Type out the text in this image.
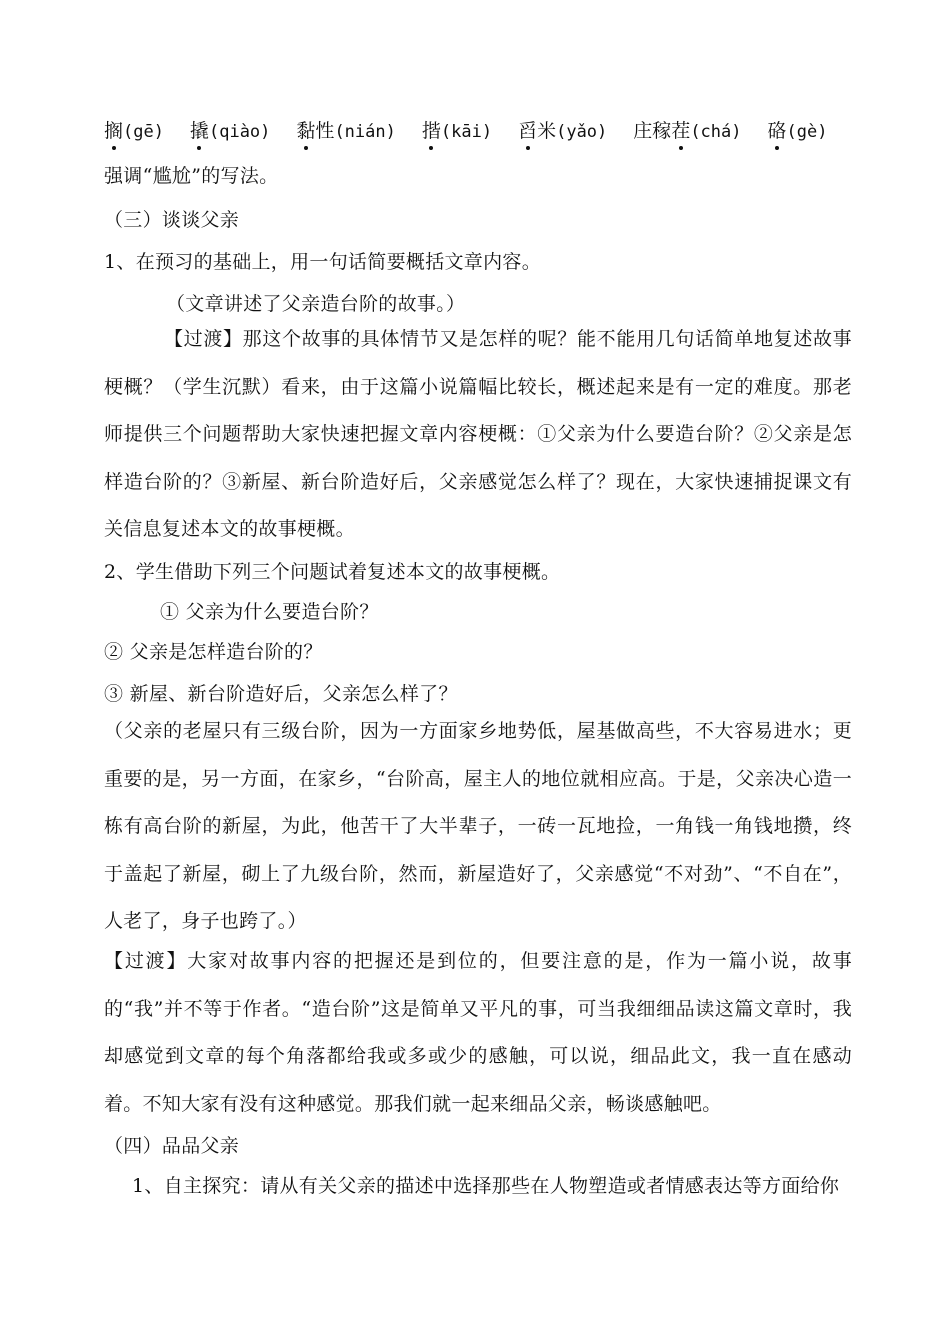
搁(gē) 撬(qiào) 黏性(nián) 揩(kāi) 舀米(yǎo) 庄稼茬(chá) 硌(gè)
强调“尴尬”的写法。
（三）谈谈父亲
1、在预习的基础上，用一句话简要概括文章内容。
（文章讲述了父亲造台阶的故事。）
【过渡】那这个故事的具体情节又是怎样的呢？能不能用几句话简单地复述故事梗概？（学生沉默）看来，由于这篇小说篇幅比较长，概述起来是有一定的难度。那老师提供三个问题帮助大家快速把握文章内容梗概：①父亲为什么要造台阶？②父亲是怎样造台阶的？③新屋、新台阶造好后，父亲感觉怎么样了？现在，大家快速捕捉课文有关信息复述本文的故事梗概。
2、学生借助下列三个问题试着复述本文的故事梗概。
① 父亲为什么要造台阶？
② 父亲是怎样造台阶的？
③ 新屋、新台阶造好后，父亲怎么样了？
（父亲的老屋只有三级台阶，因为一方面家乡地势低，屋基做高些，不大容易进水；更重要的是，另一方面，在家乡，“台阶高，屋主人的地位就相应高。于是，父亲决心造一栋有高台阶的新屋，为此，他苦干了大半辈子，一砖一瓦地捡，一角钱一角钱地攒，终于盖起了新屋，砌上了九级台阶，然而，新屋造好了，父亲感觉“不对劲”、“不自在”，人老了，身子也跨了。）
【过渡】大家对故事内容的把握还是到位的，但要注意的是，作为一篇小说，故事的“我”并不等于作者。“造台阶”这是简单又平凡的事，可当我细细品读这篇文章时，我却感觉到文章的每个角落都给我或多或少的感触，可以说，细品此文，我一直在感动着。不知大家有没有这种感觉。那我们就一起来细品父亲，畅谈感触吧。
（四）品品父亲
1、自主探究：请从有关父亲的描述中选择那些在人物塑造或者情感表达等方面给你
